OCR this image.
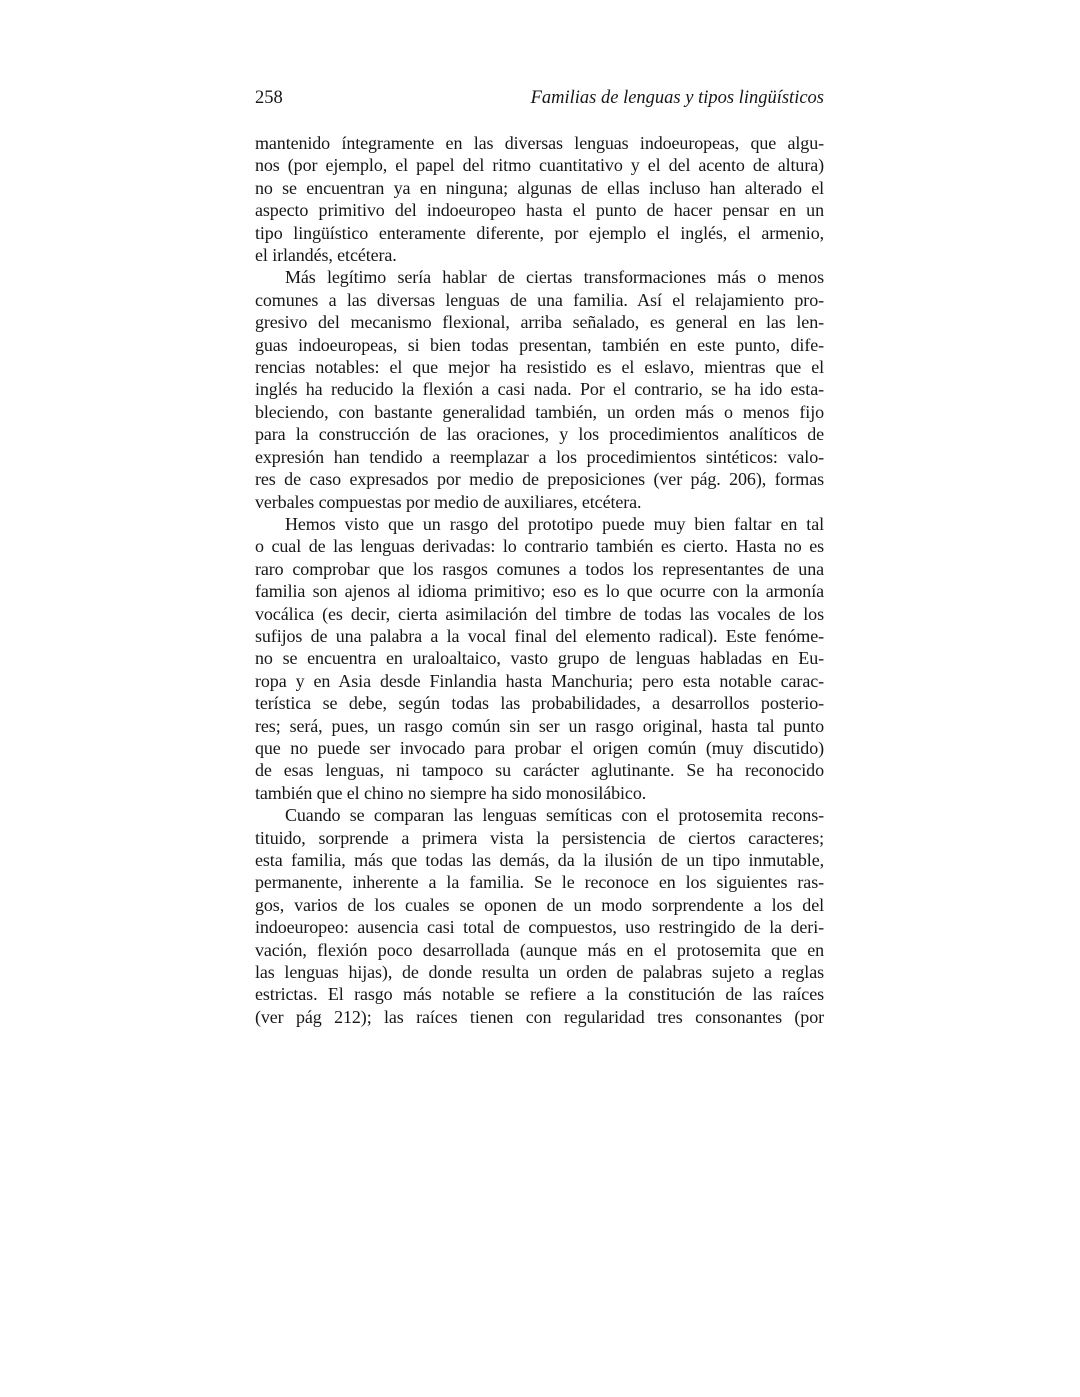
258	Familias de lenguas y tipos lingüísticos
mantenido íntegramente en las diversas lenguas indoeuropeas, que algu-
nos (por ejemplo, el papel del ritmo cuantitativo y el del acento de altura)
no se encuentran ya en ninguna; algunas de ellas incluso han alterado el
aspecto primitivo del indoeuropeo hasta el punto de hacer pensar en un
tipo lingüístico enteramente diferente, por ejemplo el inglés, el armenio,
el irlandés, etcétera.
Más legítimo sería hablar de ciertas transformaciones más o menos
comunes a las diversas lenguas de una familia. Así el relajamiento pro-
gresivo del mecanismo flexional, arriba señalado, es general en las len-
guas indoeuropeas, si bien todas presentan, también en este punto, dife-
rencias notables: el que mejor ha resistido es el eslavo, mientras que el
inglés ha reducido la flexión a casi nada. Por el contrario, se ha ido esta-
bleciendo, con bastante generalidad también, un orden más o menos fijo
para la construcción de las oraciones, y los procedimientos analíticos de
expresión han tendido a reemplazar a los procedimientos sintéticos: valo-
res de caso expresados por medio de preposiciones (ver pág. 206), formas
verbales compuestas por medio de auxiliares, etcétera.
Hemos visto que un rasgo del prototipo puede muy bien faltar en tal
o cual de las lenguas derivadas: lo contrario también es cierto. Hasta no es
raro comprobar que los rasgos comunes a todos los representantes de una
familia son ajenos al idioma primitivo; eso es lo que ocurre con la armonía
vocálica (es decir, cierta asimilación del timbre de todas las vocales de los
sufijos de una palabra a la vocal final del elemento radical). Este fenóme-
no se encuentra en uraloaltaico, vasto grupo de lenguas habladas en Eu-
ropa y en Asia desde Finlandia hasta Manchuria; pero esta notable carac-
terística se debe, según todas las probabilidades, a desarrollos posterio-
res; será, pues, un rasgo común sin ser un rasgo original, hasta tal punto
que no puede ser invocado para probar el origen común (muy discutido)
de esas lenguas, ni tampoco su carácter aglutinante. Se ha reconocido
también que el chino no siempre ha sido monosilábico.
Cuando se comparan las lenguas semíticas con el protosemita recons-
tituido, sorprende a primera vista la persistencia de ciertos caracteres;
esta familia, más que todas las demás, da la ilusión de un tipo inmutable,
permanente, inherente a la familia. Se le reconoce en los siguientes ras-
gos, varios de los cuales se oponen de un modo sorprendente a los del
indoeuropeo: ausencia casi total de compuestos, uso restringido de la deri-
vación, flexión poco desarrollada (aunque más en el protosemita que en
las lenguas hijas), de donde resulta un orden de palabras sujeto a reglas
estrictas. El rasgo más notable se refiere a la constitución de las raíces
(ver pág 212); las raíces tienen con regularidad tres consonantes (por
